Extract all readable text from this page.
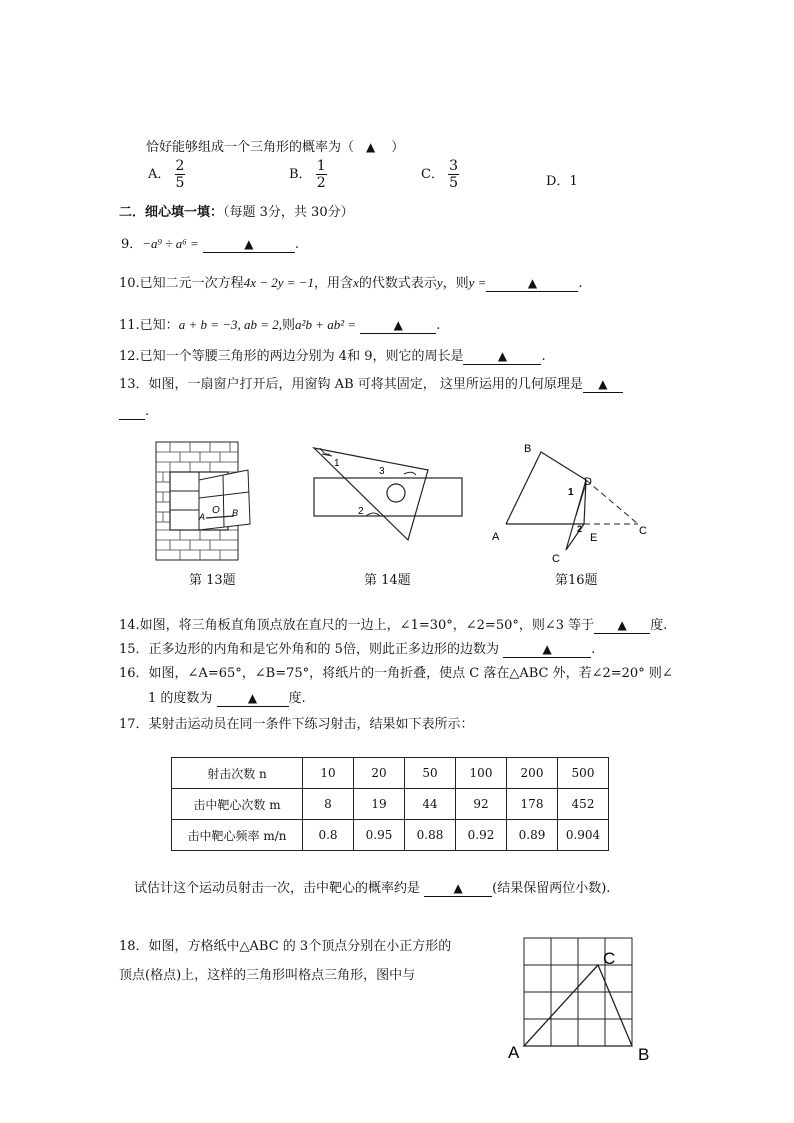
恰好能够组成一个三角形的概率为（ ▲ ）
A． $\frac{2}{5}$	B． $\frac{1}{2}$	C． $\frac{3}{5}$	D．1
二．细心填一填：（每题 3分，共 30分）
9．−a⁹ ÷ a⁶ =	▲	.
10.已知二元一次方程4x − 2y = −1，用含x的代数式表示y，则y =	▲	.
11.已知：a + b = −3, ab = 2,则a²b + ab² =	▲	.
12.已知一个等腰三角形的两边分别为 4和 9，则它的周长是	▲	.
13．如图，一扇窗户打开后，用窗钩 AB 可将其固定， 这里所运用的几何原理是 ▲
.
A
O B
1
2
3
B
A
D
C
E
C
1
2
第 13题	第 14题	第16题
14.如图，将三角板直角顶点放在直尺的一边上，∠1=30°，∠2=50°，则∠3 等于 ▲ 度.
15．正多边形的内角和是它外角和的 5倍，则此正多边形的边数为	▲	.
16．如图，∠A=65°，∠B=75°，将纸片的一角折叠，使点 C 落在△ABC 外，若∠2=20° 则∠
1 的度数为	▲ 度.
17．某射击运动员在同一条件下练习射击，结果如下表所示：
射击次数 n	10	20	50	100	200	500
击中靶心次数 m	8	19	44	92	178	452
击中靶心频率 m/n	0.8	0.95	0.88	0.92	0.89	0.904
试估计这个运动员射击一次，击中靶心的概率约是	▲ (结果保留两位小数).
18．如图，方格纸中△ABC 的 3个顶点分别在小正方形的
顶点(格点)上，这样的三角形叫格点三角形，图中与
A	B
C
